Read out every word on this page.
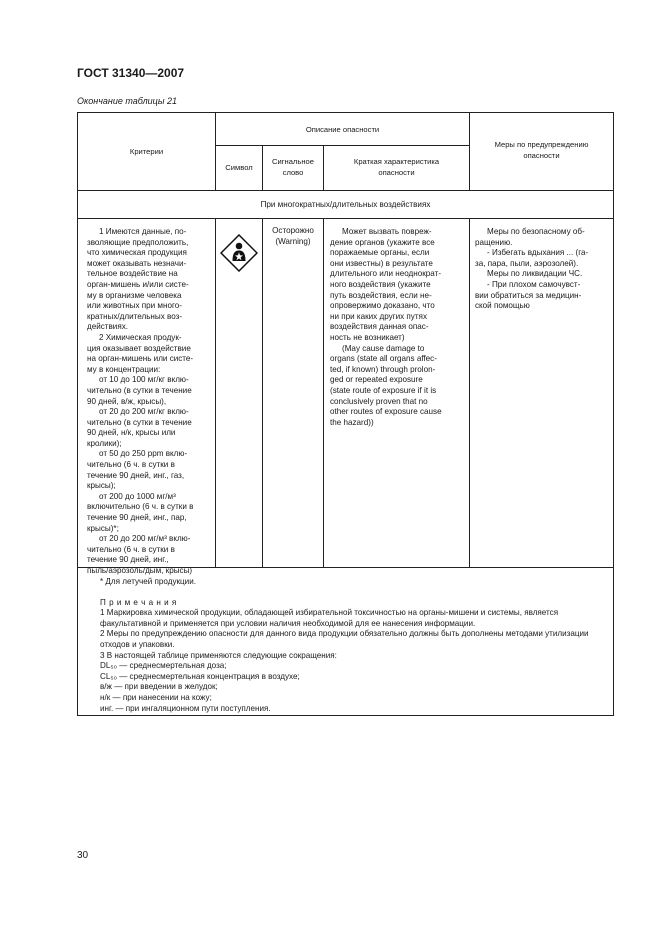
ГОСТ 31340—2007
Окончание таблицы 21
Критерии
Описание опасности
Символ
Сигнальное
слово
Краткая характеристика
опасности
Меры по предупреждению
опасности
При многократных/длительных воздействиях
1 Имеются данные, по-
зволяющие предположить,
что химическая продукция
может оказывать незначи-
тельное воздействие на
орган-мишень и/или систе-
му в организме человека
или животных при много-
кратных/длительных воз-
действиях.
2 Химическая продук-
ция оказывает воздействие
на орган-мишень или систе-
му в концентрации:
от 10 до 100 мг/кг вклю-
чительно (в сутки в течение
90 дней, в/ж, крысы),
от 20 до 200 мг/кг вклю-
чительно (в сутки в течение
90 дней, н/к, крысы или
кролики);
от 50 до 250 ppm вклю-
чительно (6 ч. в сутки в
течение 90 дней, инг., газ,
крысы);
от 200 до 1000 мг/м³
включительно (6 ч. в сутки в
течение 90 дней, инг., пар,
крысы)*;
от 20 до 200 мг/м³ вклю-
чительно (6 ч. в сутки в
течение 90 дней, инг.,
пыль/аэрозоль/дым, крысы)
Осторожно
(Warning)
Может вызвать повреж-
дение органов (укажите все
поражаемые органы, если
они известны) в результате
длительного или неоднократ-
ного воздействия (укажите
путь воздействия, если не-
опровержимо доказано, что
ни при каких других путях
воздействия данная опас-
ность не возникает)
(May cause damage to
organs (state all organs affec-
ted, if known) through prolon-
ged or repeated exposure
(state route of exposure if it is
conclusively proven that no
other routes of exposure cause
the hazard))
Меры по безопасному об-
ращению.
- Избегать вдыхания ... (га-
за, пара, пыли, аэрозолей).
Меры по ликвидации ЧС.
- При плохом самочувст-
вии обратиться за медицин-
ской помощью

* Для летучей продукции.

П р и м е ч а н и я

1 Маркировка химической продукции, обладающей избирательной токсичностью на органы-мишени и системы, является факультативной и применяется при условии наличия необходимой для ее нанесения информации.

2 Меры по предупреждению опасности для данного вида продукции обязательно должны быть дополнены методами утилизации отходов и упаковки.

3 В настоящей таблице применяются следующие сокращения:

DL₅₀ — среднесмертельная доза;

CL₅₀ — среднесмертельная концентрация в воздухе;

в/ж — при введении в желудок;

н/к — при нанесении на кожу;

инг. — при ингаляционном пути поступления.

30
